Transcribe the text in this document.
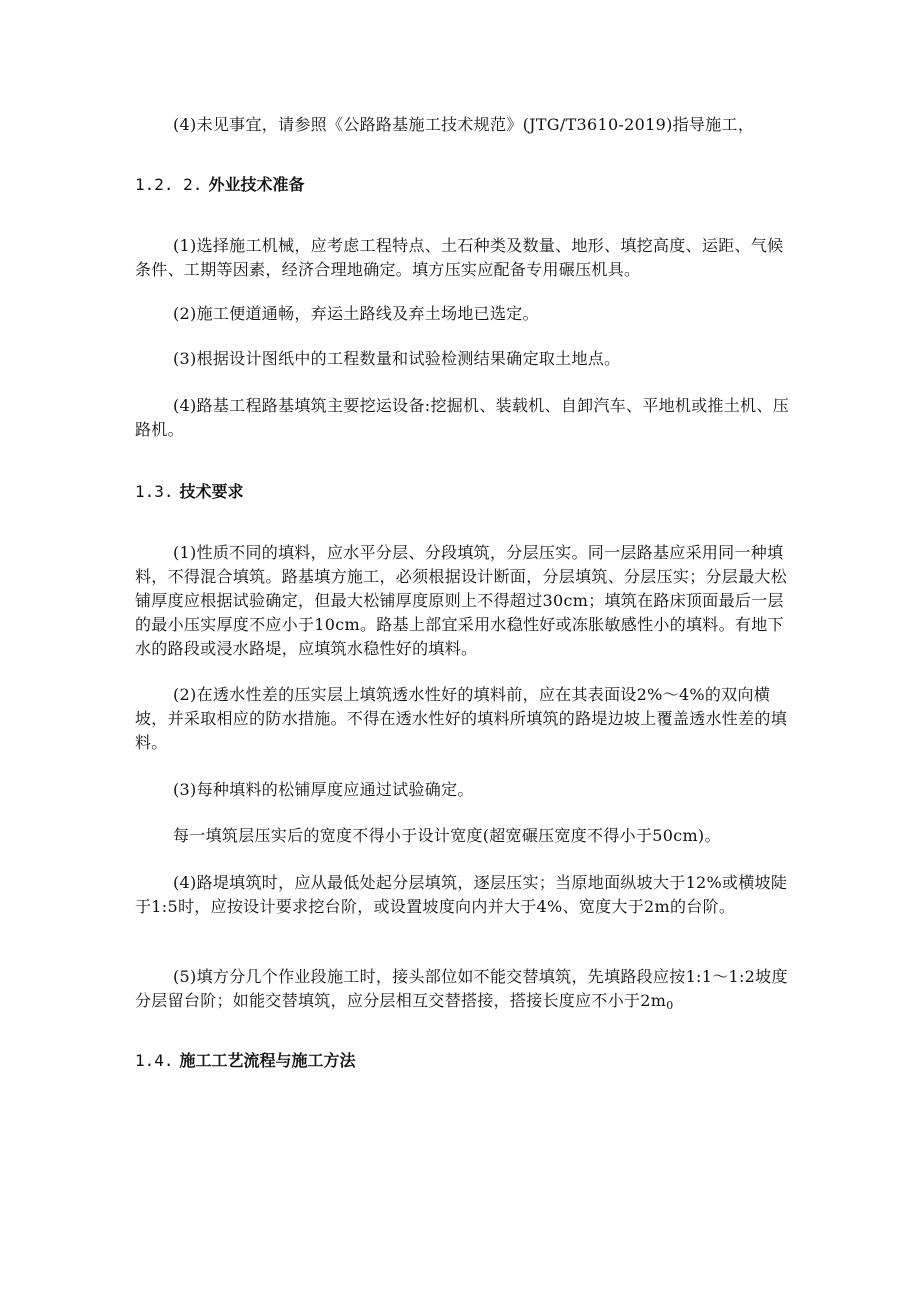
(4)未见事宜，请参照《公路路基施工技术规范》(JTG/T3610-2019)指导施工，

1.2. 2. 外业技术准备

(1)选择施工机械，应考虑工程特点、土石种类及数量、地形、填挖高度、运距、气候条件、工期等因素，经济合理地确定。填方压实应配备专用碾压机具。

(2)施工便道通畅，弃运土路线及弃土场地已选定。

(3)根据设计图纸中的工程数量和试验检测结果确定取土地点。

(4)路基工程路基填筑主要挖运设备:挖掘机、装载机、自卸汽车、平地机或推土机、压路机。

1.3. 技术要求

(1)性质不同的填料，应水平分层、分段填筑，分层压实。同一层路基应采用同一种填料，不得混合填筑。路基填方施工，必须根据设计断面，分层填筑、分层压实；分层最大松铺厚度应根据试验确定，但最大松铺厚度原则上不得超过30cm；填筑在路床顶面最后一层的最小压实厚度不应小于10cm。路基上部宜采用水稳性好或冻胀敏感性小的填料。有地下水的路段或浸水路堤，应填筑水稳性好的填料。

(2)在透水性差的压实层上填筑透水性好的填料前，应在其表面设2%～4%的双向横坡，并采取相应的防水措施。不得在透水性好的填料所填筑的路堤边坡上覆盖透水性差的填料。

(3)每种填料的松铺厚度应通过试验确定。

每一填筑层压实后的宽度不得小于设计宽度(超宽碾压宽度不得小于50cm)。

(4)路堤填筑时，应从最低处起分层填筑，逐层压实；当原地面纵坡大于12%或横坡陡于1:5时，应按设计要求挖台阶，或设置坡度向内并大于4%、宽度大于2m的台阶。

(5)填方分几个作业段施工时，接头部位如不能交替填筑，先填路段应按1:1～1:2坡度分层留台阶；如能交替填筑，应分层相互交替搭接，搭接长度应不小于$2m_0$

1.4. 施工工艺流程与施工方法
